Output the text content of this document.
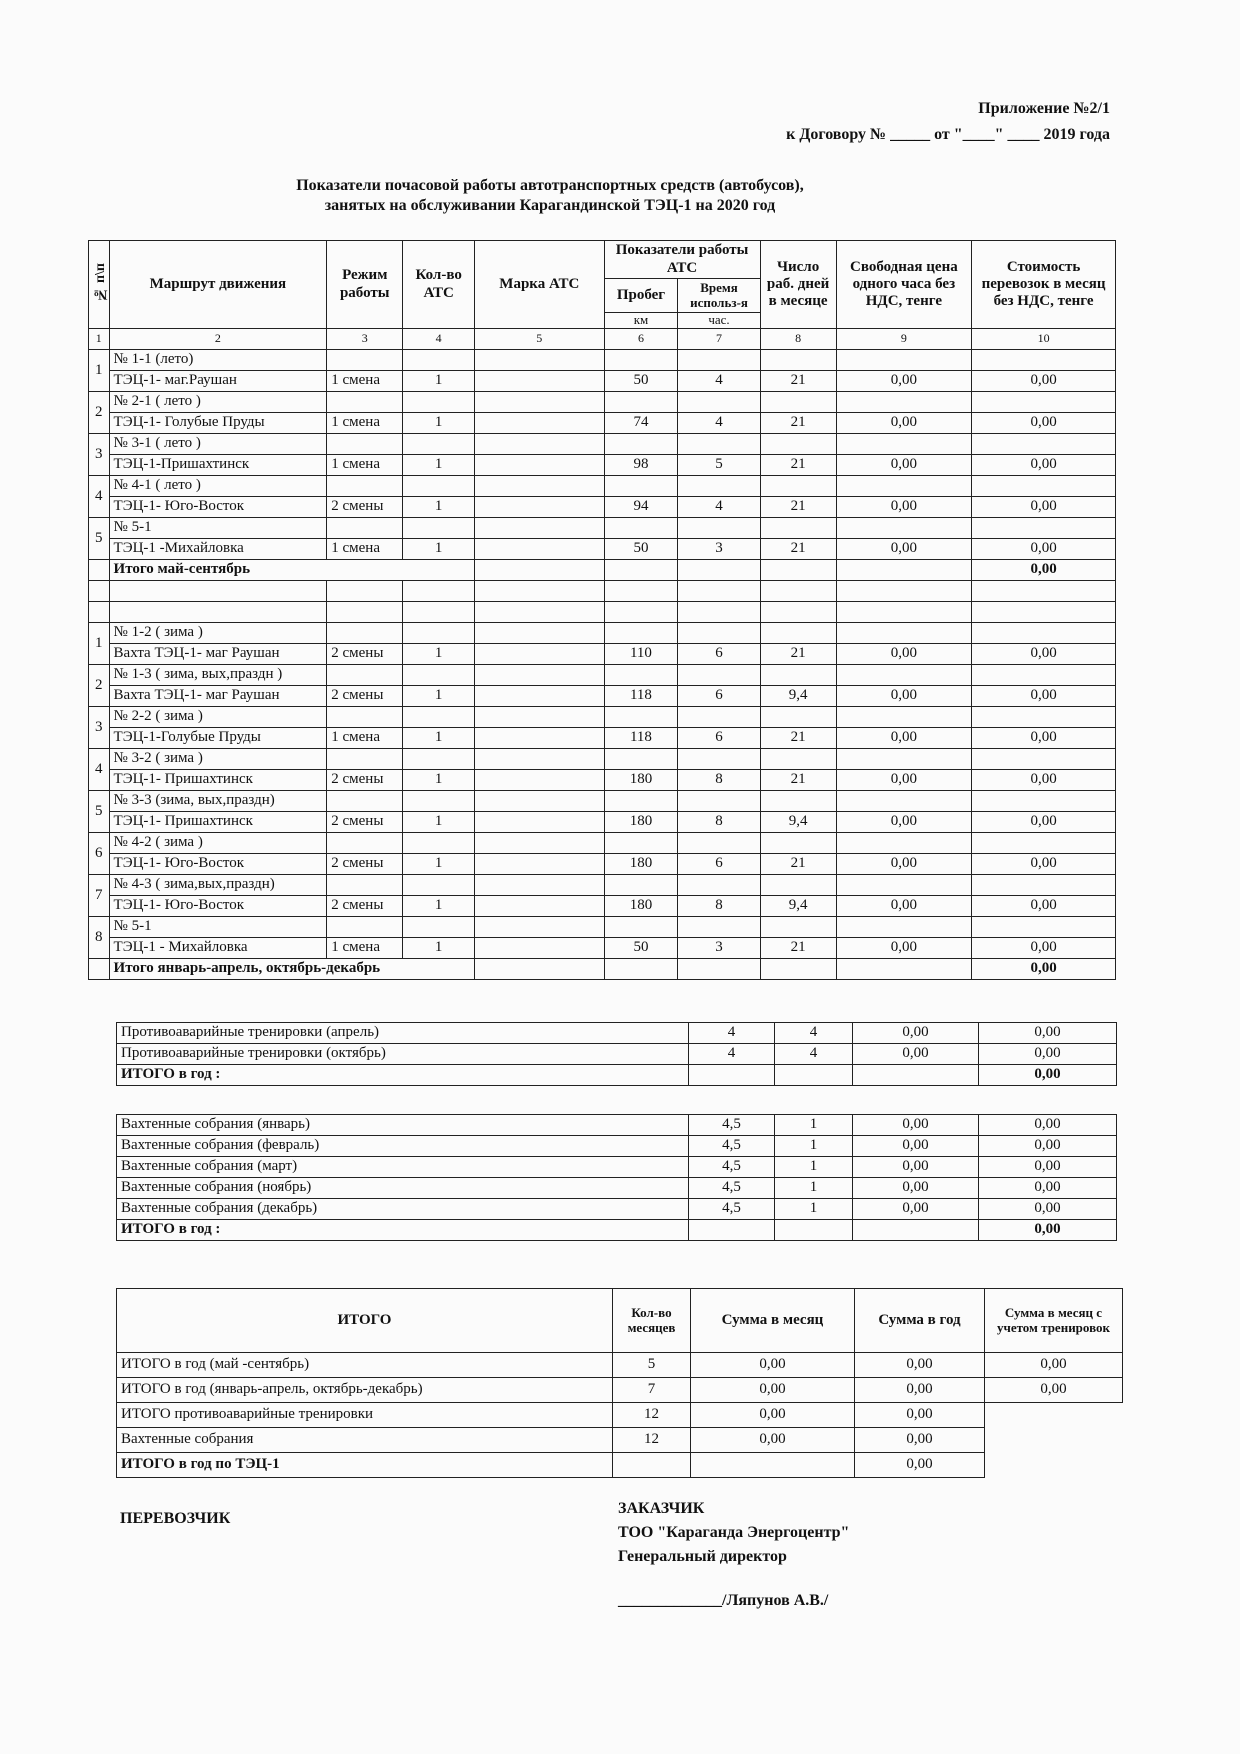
Приложение №2/1
к Договору № _____ от "____" ____ 2019 года
Показатели почасовой работы автотранспортных средств (автобусов),
занятых на обслуживании Карагандинской ТЭЦ-1 на 2020 год
№ п\п	Маршрут движения	Режим работы	Кол-во АТС	Марка АТС	Показатели работы АТС		Число раб. дней в месяце	Свободная цена одного часа без НДС, тенге	Стоимость перевозок в месяц без НДС, тенге
					Пробег	Время использ-я			
					км	час.			
1	2	3	4	5	6	7	8	9	10
1	№ 1-1 (лето)								
	ТЭЦ-1- маг.Раушан	1 смена	1		50	4	21	0,00	0,00
2	№ 2-1 ( лето )								
	ТЭЦ-1- Голубые Пруды	1 смена	1		74	4	21	0,00	0,00
3	№ 3-1 ( лето )								
	ТЭЦ-1-Пришахтинск	1 смена	1		98	5	21	0,00	0,00
4	№ 4-1 ( лето )								
	ТЭЦ-1- Юго-Восток	2 смены	1		94	4	21	0,00	0,00
5	№ 5-1								
	ТЭЦ-1 -Михайловка	1 смена	1		50	3	21	0,00	0,00
	Итого май-сентябрь								0,00

1	№ 1-2 ( зима )								
	Вахта ТЭЦ-1- маг Раушан	2 смены	1		110	6	21	0,00	0,00
2	№ 1-3 ( зима, вых,праздн )								
	Вахта ТЭЦ-1- маг Раушан	2 смены	1		118	6	9,4	0,00	0,00
3	№ 2-2 ( зима )								
	ТЭЦ-1-Голубые Пруды	1 смена	1		118	6	21	0,00	0,00
4	№ 3-2 ( зима )								
	ТЭЦ-1- Пришахтинск	2 смены	1		180	8	21	0,00	0,00
5	№ 3-3 (зима, вых,праздн)								
	ТЭЦ-1- Пришахтинск	2 смены	1		180	8	9,4	0,00	0,00
6	№ 4-2 ( зима )								
	ТЭЦ-1- Юго-Восток	2 смены	1		180	6	21	0,00	0,00
7	№ 4-3 ( зима,вых,праздн)								
	ТЭЦ-1- Юго-Восток	2 смены	1		180	8	9,4	0,00	0,00
8	№ 5-1								
	ТЭЦ-1 - Михайловка	1 смена	1		50	3	21	0,00	0,00
	Итого январь-апрель, октябрь-декабрь								0,00
Противоаварийные тренировки (апрель)	4	4	0,00	0,00
Противоаварийные тренировки (октябрь)	4	4	0,00	0,00
ИТОГО в год :				0,00
Вахтенные собрания (январь)	4,5	1	0,00	0,00
Вахтенные собрания (февраль)	4,5	1	0,00	0,00
Вахтенные собрания (март)	4,5	1	0,00	0,00
Вахтенные собрания (ноябрь)	4,5	1	0,00	0,00
Вахтенные собрания (декабрь)	4,5	1	0,00	0,00
ИТОГО в год :				0,00
ИТОГО	Кол-во месяцев	Сумма в месяц	Сумма в год	Сумма в месяц с учетом тренировок
ИТОГО в год (май -сентябрь)	5	0,00	0,00	0,00
ИТОГО в год (январь-апрель, октябрь-декабрь)	7	0,00	0,00	0,00
ИТОГО противоаварийные тренировки	12	0,00	0,00	
Вахтенные собрания	12	0,00	0,00	
ИТОГО в год по ТЭЦ-1			0,00	
ПЕРЕВОЗЧИК
ЗАКАЗЧИК
ТОО "Караганда Энергоцентр"
Генеральный директор
_____________/Ляпунов А.В./
